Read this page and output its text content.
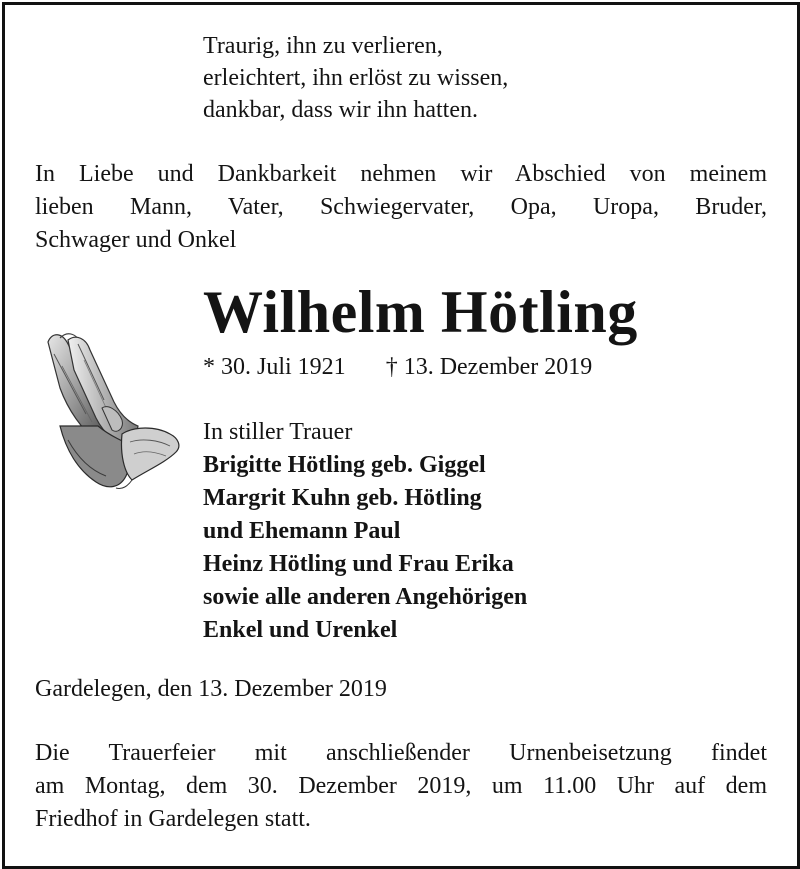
Traurig, ihn zu verlieren,
erleichtert, ihn erlöst zu wissen,
dankbar, dass wir ihn hatten.
In Liebe und Dankbarkeit nehmen wir Abschied von meinem
lieben Mann, Vater, Schwiegervater, Opa, Uropa, Bruder,
Schwager und Onkel
Wilhelm Hötling
* 30. Juli 1921 † 13. Dezember 2019
In stiller Trauer
Brigitte Hötling geb. Giggel
Margrit Kuhn geb. Hötling
und Ehemann Paul
Heinz Hötling und Frau Erika
sowie alle anderen Angehörigen
Enkel und Urenkel
Gardelegen, den 13. Dezember 2019
Die Trauerfeier mit anschließender Urnenbeisetzung findet
am Montag, dem 30. Dezember 2019, um 11.00 Uhr auf dem
Friedhof in Gardelegen statt.
